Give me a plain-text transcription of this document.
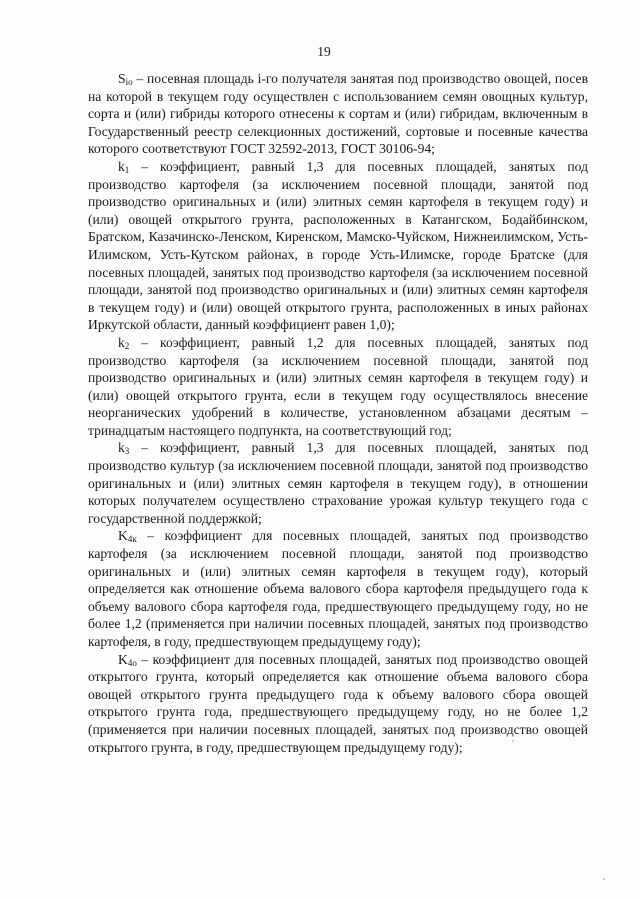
19

$S_{io}$ – посевная площадь i-го получателя занятая под производство овощей, посев на которой в текущем году осуществлен с использованием семян овощных культур, сорта и (или) гибриды которого отнесены к сортам и (или) гибридам, включенным в Государственный реестр селекционных достижений, сортовые и посевные качества которого соответствуют ГОСТ 32592-2013, ГОСТ 30106-94;

$k_1$ – коэффициент, равный 1,3 для посевных площадей, занятых под производство картофеля (за исключением посевной площади, занятой под производство оригинальных и (или) элитных семян картофеля в текущем году) и (или) овощей открытого грунта, расположенных в Катангском, Бодайбинском, Братском, Казачинско-Ленском, Киренском, Мамско-Чуйском, Нижнеилимском, Усть-Илимском, Усть-Кутском районах, в городе Усть-Илимске, городе Братске (для посевных площадей, занятых под производство картофеля (за исключением посевной площади, занятой под производство оригинальных и (или) элитных семян картофеля в текущем году) и (или) овощей открытого грунта, расположенных в иных районах Иркутской области, данный коэффициент равен 1,0);

$k_2$ – коэффициент, равный 1,2 для посевных площадей, занятых под производство картофеля (за исключением посевной площади, занятой под производство оригинальных и (или) элитных семян картофеля в текущем году) и (или) овощей открытого грунта, если в текущем году осуществлялось внесение неорганических удобрений в количестве, установленном абзацами десятым – тринадцатым настоящего подпункта, на соответствующий год;

$k_3$ – коэффициент, равный 1,3 для посевных площадей, занятых под производство культур (за исключением посевной площади, занятой под производство оригинальных и (или) элитных семян картофеля в текущем году), в отношении которых получателем осуществлено страхование урожая культур текущего года с государственной поддержкой;

$K_{4к}$ – коэффициент для посевных площадей, занятых под производство картофеля (за исключением посевной площади, занятой под производство оригинальных и (или) элитных семян картофеля в текущем году), который определяется как отношение объема валового сбора картофеля предыдущего года к объему валового сбора картофеля года, предшествующего предыдущему году, но не более 1,2 (применяется при наличии посевных площадей, занятых под производство картофеля, в году, предшествующем предыдущему году);

$K_{4о}$ – коэффициент для посевных площадей, занятых под производство овощей открытого грунта, который определяется как отношение объема валового сбора овощей открытого грунта предыдущего года к объему валового сбора овощей открытого грунта года, предшествующего предыдущему году, но не более 1,2 (применяется при наличии посевных площадей, занятых под производство овощей открытого грунта, в году, предшествующем предыдущему году);
